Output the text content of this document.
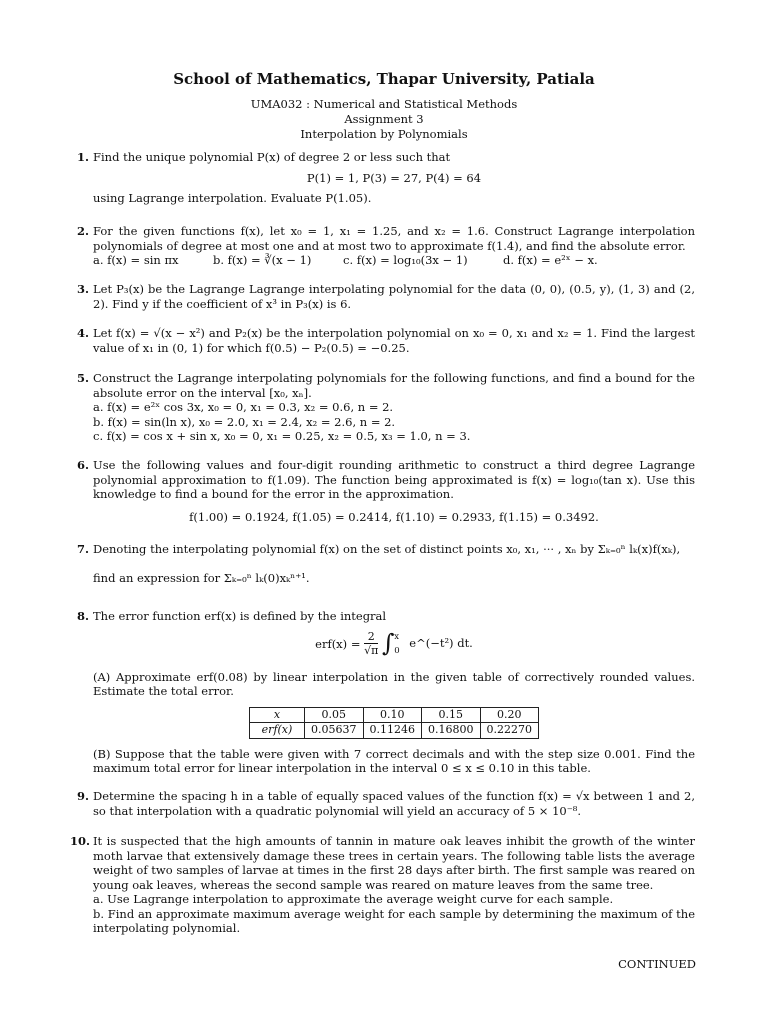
School of Mathematics, Thapar University, Patiala
UMA032 : Numerical and Statistical Methods
Assignment 3
Interpolation by Polynomials
1. Find the unique polynomial P(x) of degree 2 or less such that
P(1) = 1, P(3) = 27, P(4) = 64
using Lagrange interpolation. Evaluate P(1.05).
2. For the given functions f(x), let x₀ = 1, x₁ = 1.25, and x₂ = 1.6. Construct Lagrange interpolation polynomials of degree at most one and at most two to approximate f(1.4), and find the absolute error.
a. f(x) = sin πx	b. f(x) = ∛(x − 1)	c. f(x) = log₁₀(3x − 1)	d. f(x) = e²ˣ − x.
3. Let P₃(x) be the Lagrange Lagrange interpolating polynomial for the data (0, 0), (0.5, y), (1, 3) and (2, 2). Find y if the coefficient of x³ in P₃(x) is 6.
4. Let f(x) = √(x − x²) and P₂(x) be the interpolation polynomial on x₀ = 0, x₁ and x₂ = 1. Find the largest value of x₁ in (0, 1) for which f(0.5) − P₂(0.5) = −0.25.
5. Construct the Lagrange interpolating polynomials for the following functions, and find a bound for the absolute error on the interval [x₀, xₙ].
a. f(x) = e²ˣ cos 3x, x₀ = 0, x₁ = 0.3, x₂ = 0.6, n = 2.
b. f(x) = sin(ln x), x₀ = 2.0, x₁ = 2.4, x₂ = 2.6, n = 2.
c. f(x) = cos x + sin x, x₀ = 0, x₁ = 0.25, x₂ = 0.5, x₃ = 1.0, n = 3.
6. Use the following values and four-digit rounding arithmetic to construct a third degree Lagrange polynomial approximation to f(1.09). The function being approximated is f(x) = log₁₀(tan x). Use this knowledge to find a bound for the error in the approximation.
f(1.00) = 0.1924, f(1.05) = 0.2414, f(1.10) = 0.2933, f(1.15) = 0.3492.
7. Denoting the interpolating polynomial f(x) on the set of distinct points x₀, x₁, ··· , xₙ by Σₖ₌₀ⁿ lₖ(x)f(xₖ),
find an expression for Σₖ₌₀ⁿ lₖ(0)xₖⁿ⁺¹.
8. The error function erf(x) is defined by the integral
$erf(x) = \frac{2}{√\pi}$ ∫ x
0
e^(−t²) dt.
(A) Approximate erf(0.08) by linear interpolation in the given table of correctively rounded values. Estimate the total error.
x	0.05	0.10	0.15	0.20
erf(x)	0.05637	0.11246	0.16800	0.22270
(B) Suppose that the table were given with 7 correct decimals and with the step size 0.001. Find the maximum total error for linear interpolation in the interval 0 ≤ x ≤ 0.10 in this table.
9. Determine the spacing h in a table of equally spaced values of the function f(x) = √x between 1 and 2, so that interpolation with a quadratic polynomial will yield an accuracy of 5 × 10⁻⁸.
10. It is suspected that the high amounts of tannin in mature oak leaves inhibit the growth of the winter moth larvae that extensively damage these trees in certain years. The following table lists the average weight of two samples of larvae at times in the first 28 days after birth. The first sample was reared on young oak leaves, whereas the second sample was reared on mature leaves from the same tree.
a. Use Lagrange interpolation to approximate the average weight curve for each sample.
b. Find an approximate maximum average weight for each sample by determining the maximum of the interpolating polynomial.
CONTINUED
